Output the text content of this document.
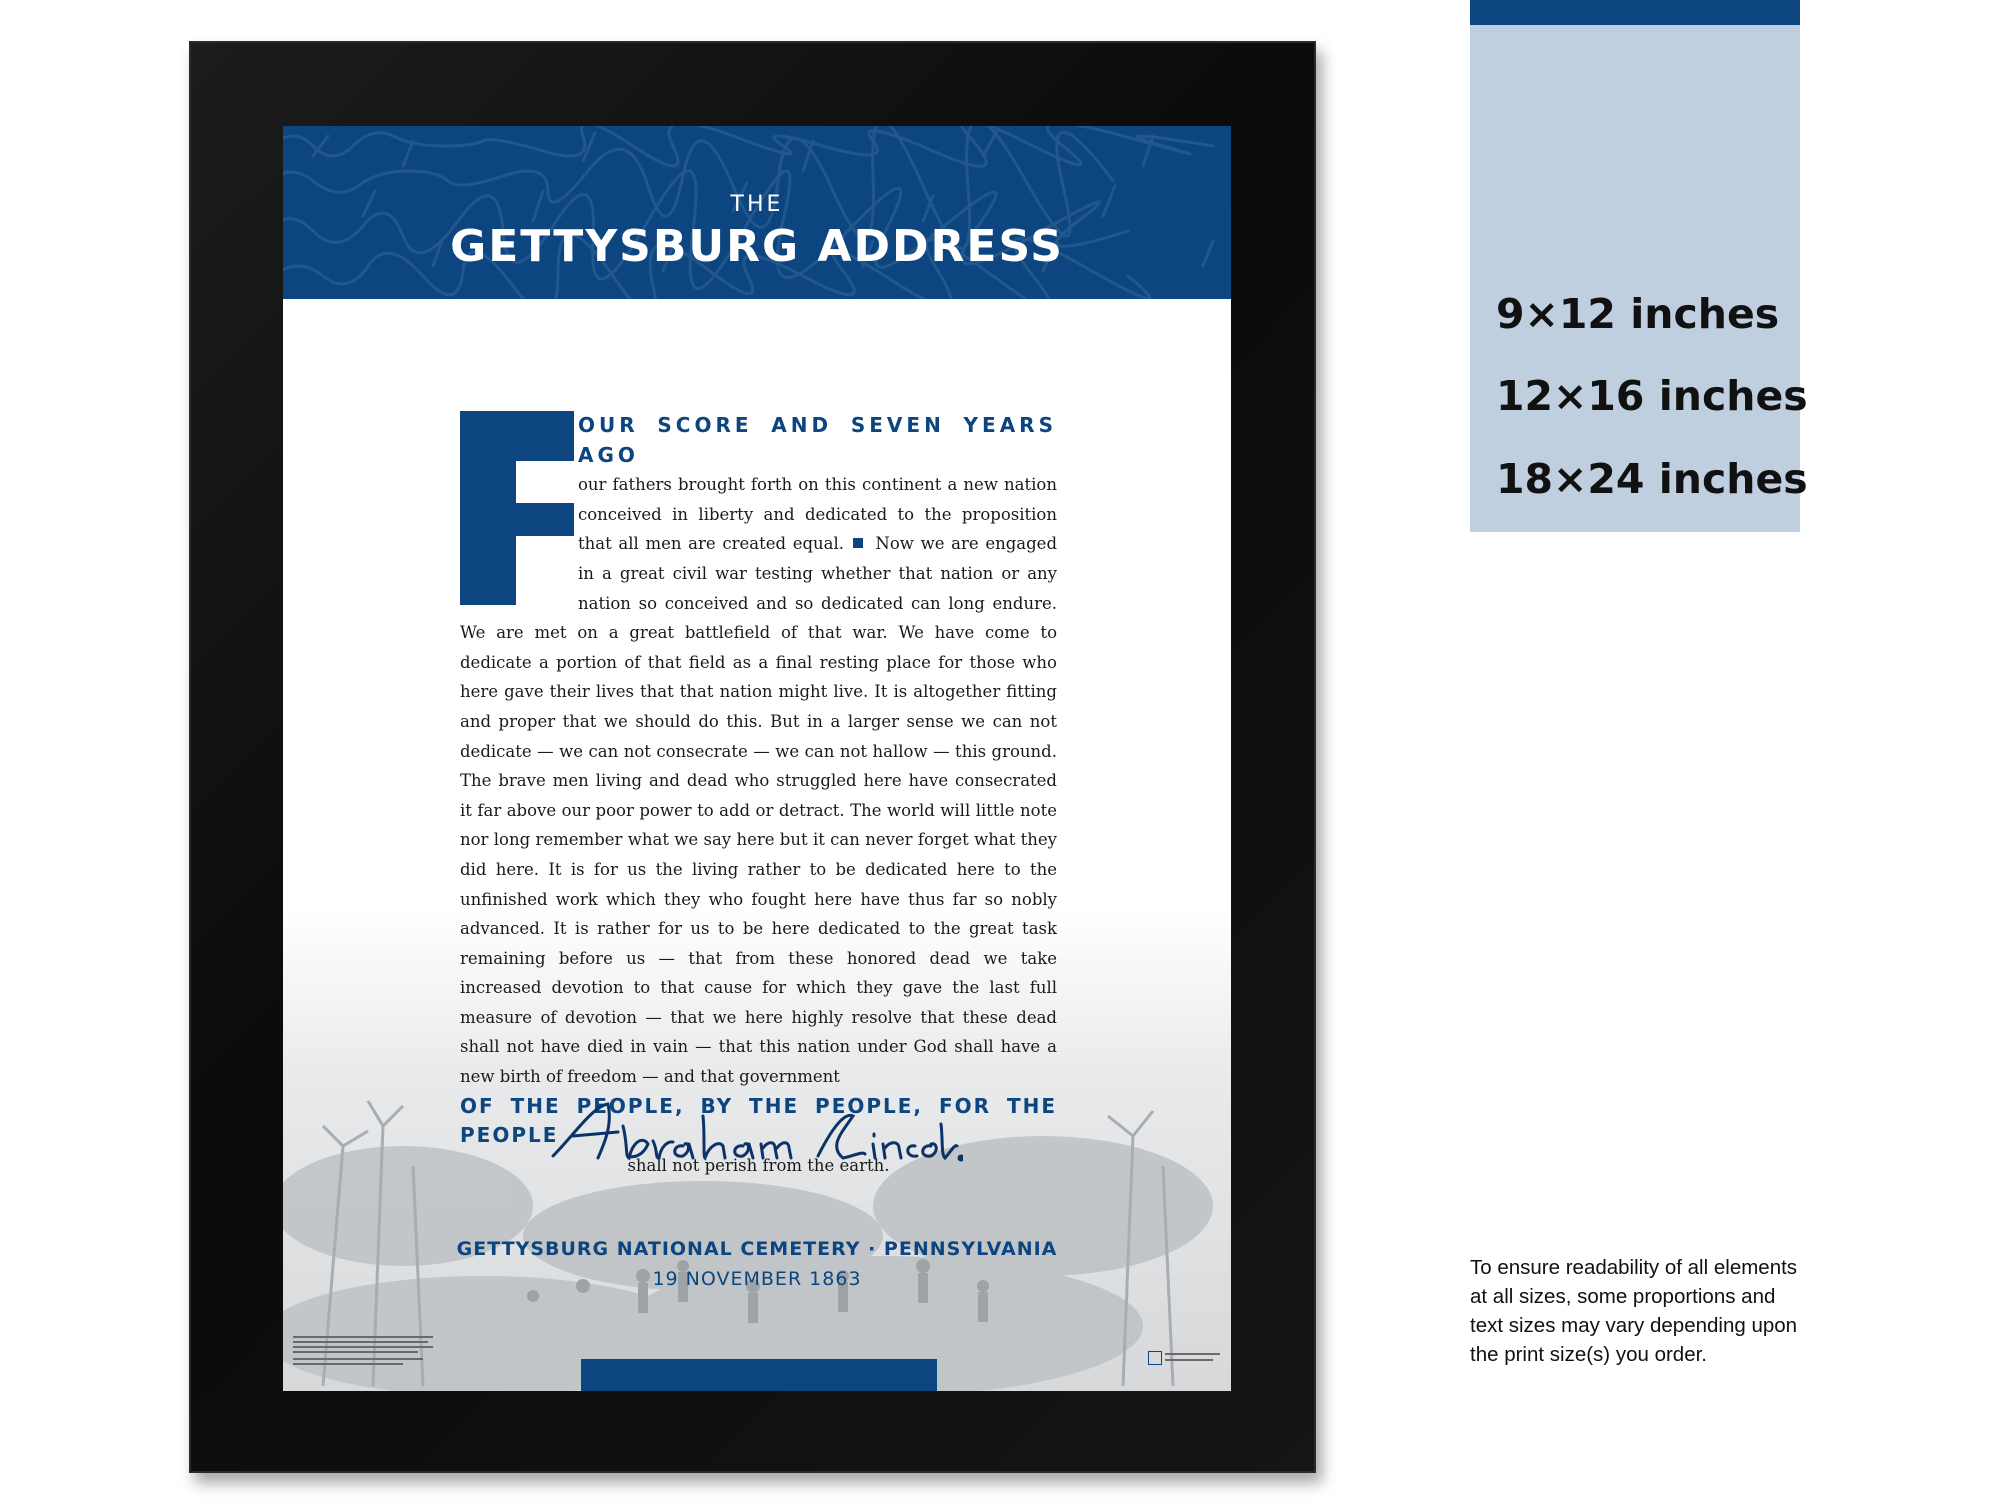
THE
GETTYSBURG ADDRESS
OUR SCORE AND SEVEN YEARS AGO
our fathers brought forth on this continent a new nation conceived in liberty and dedicated to the proposition that all men are created equal. Now we are engaged in a great civil war testing whether that nation or any nation so conceived and so dedicated can long endure. We are met on a great battlefield of that war. We have come to dedicate a portion of that field as a final resting place for those who here gave their lives that that nation might live. It is altogether fitting and proper that we should do this. But in a larger sense we can not dedicate — we can not consecrate — we can not hallow — this ground. The brave men living and dead who struggled here have consecrated it far above our poor power to add or detract. The world will little note nor long remember what we say here but it can never forget what they did here. It is for us the living rather to be dedicated here to the unfinished work which they who fought here have thus far so nobly advanced. It is rather for us to be here dedicated to the great task remaining before us — that from these honored dead we take increased devotion to that cause for which they gave the last full measure of devotion — that we here highly resolve that these dead shall not have died in vain — that this nation under God shall have a new birth of freedom — and that government
OF THE PEOPLE, BY THE PEOPLE, FOR THE PEOPLE
shall not perish from the earth.
GETTYSBURG NATIONAL CEMETERY · PENNSYLVANIA
19 NOVEMBER 1863
9×12 inches
12×16 inches
18×24 inches
To ensure readability of all elements at all sizes, some proportions and text sizes may vary depending upon the print size(s) you order.
